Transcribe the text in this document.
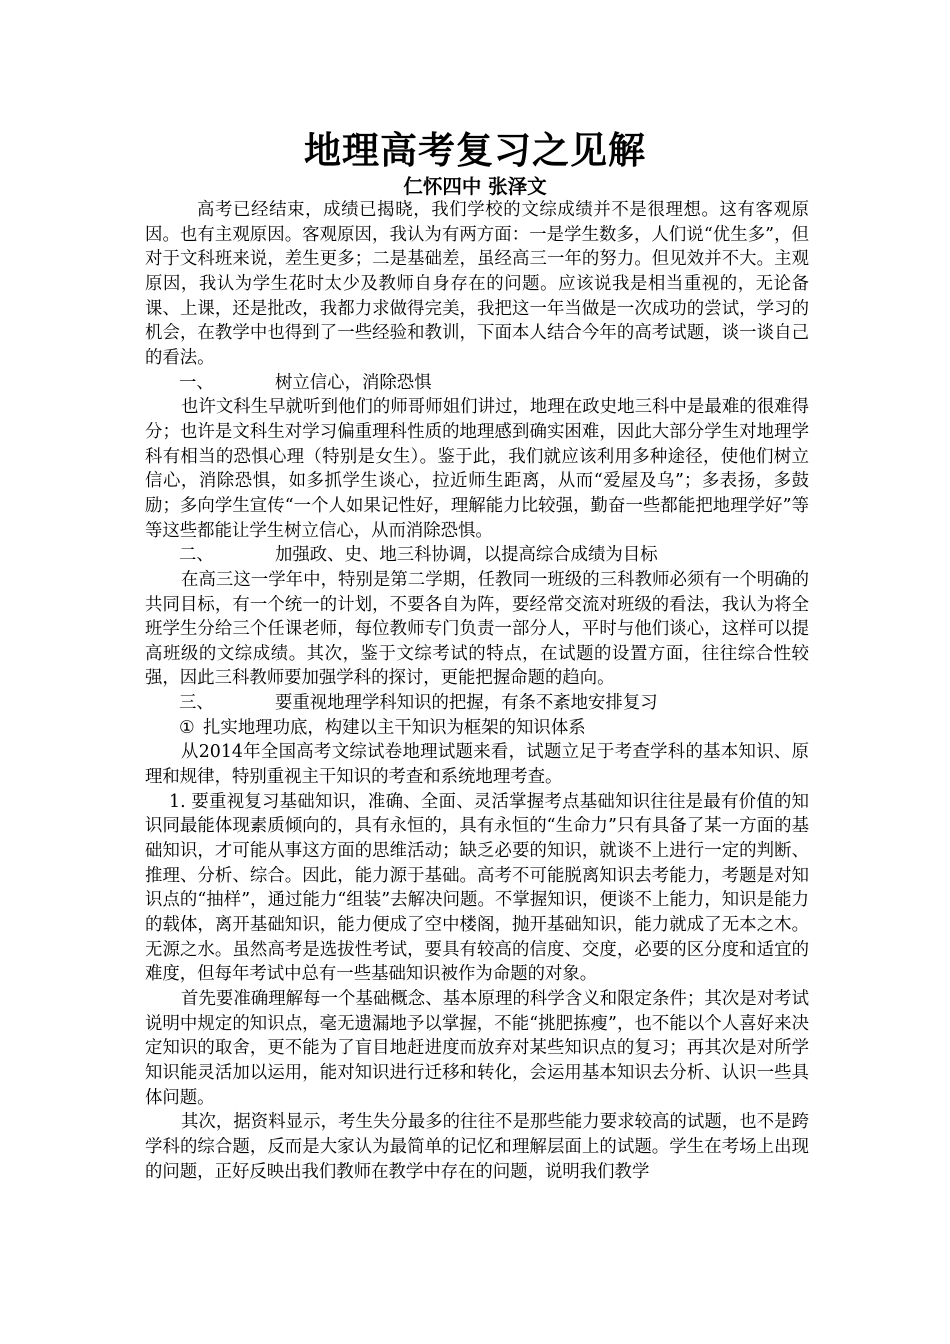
地理高考复习之见解
仁怀四中 张泽文

高考已经结束，成绩已揭晓，我们学校的文综成绩并不是很理想。这有客观原因。也有主观原因。客观原因，我认为有两方面：一是学生数多，人们说“优生多”，但对于文科班来说，差生更多；二是基础差，虽经高三一年的努力。但见效并不大。主观原因，我认为学生花时太少及教师自身存在的问题。应该说我是相当重视的，无论备课、上课，还是批改，我都力求做得完美，我把这一年当做是一次成功的尝试，学习的机会，在教学中也得到了一些经验和教训，下面本人结合今年的高考试题，谈一谈自己的看法。

一、	树立信心，消除恐惧

也许文科生早就听到他们的师哥师姐们讲过，地理在政史地三科中是最难的很难得分；也许是文科生对学习偏重理科性质的地理感到确实困难，因此大部分学生对地理学科有相当的恐惧心理（特别是女生）。鉴于此，我们就应该利用多种途径，使他们树立信心，消除恐惧，如多抓学生谈心，拉近师生距离，从而“爱屋及乌”；多表扬，多鼓励；多向学生宣传“一个人如果记性好，理解能力比较强，勤奋一些都能把地理学好”等等这些都能让学生树立信心，从而消除恐惧。

二、	加强政、史、地三科协调，以提高综合成绩为目标

在高三这一学年中，特别是第二学期，任教同一班级的三科教师必须有一个明确的共同目标，有一个统一的计划，不要各自为阵，要经常交流对班级的看法，我认为将全班学生分给三个任课老师，每位教师专门负责一部分人，平时与他们谈心，这样可以提高班级的文综成绩。其次，鉴于文综考试的特点，在试题的设置方面，往往综合性较强，因此三科教师要加强学科的探讨，更能把握命题的趋向。

三、	要重视地理学科知识的把握，有条不紊地安排复习

① 扎实地理功底，构建以主干知识为框架的知识体系

从2014年全国高考文综试卷地理试题来看，试题立足于考查学科的基本知识、原理和规律，特别重视主干知识的考查和系统地理考查。

1. 要重视复习基础知识，准确、全面、灵活掌握考点基础知识往往是最有价值的知识同最能体现素质倾向的，具有永恒的，具有永恒的“生命力”只有具备了某一方面的基础知识，才可能从事这方面的思维活动；缺乏必要的知识，就谈不上进行一定的判断、推理、分析、综合。因此，能力源于基础。高考不可能脱离知识去考能力，考题是对知识点的“抽样”，通过能力“组装”去解决问题。不掌握知识，便谈不上能力，知识是能力的载体，离开基础知识，能力便成了空中楼阁，抛开基础知识，能力就成了无本之木。无源之水。虽然高考是选拔性考试，要具有较高的信度、交度，必要的区分度和适宜的难度，但每年考试中总有一些基础知识被作为命题的对象。

首先要准确理解每一个基础概念、基本原理的科学含义和限定条件；其次是对考试说明中规定的知识点，毫无遗漏地予以掌握，不能“挑肥拣瘦”，也不能以个人喜好来决定知识的取舍，更不能为了盲目地赶进度而放弃对某些知识点的复习；再其次是对所学知识能灵活加以运用，能对知识进行迁移和转化，会运用基本知识去分析、认识一些具体问题。

其次，据资料显示，考生失分最多的往往不是那些能力要求较高的试题，也不是跨学科的综合题，反而是大家认为最简单的记忆和理解层面上的试题。学生在考场上出现的问题，正好反映出我们教师在教学中存在的问题，说明我们教学
